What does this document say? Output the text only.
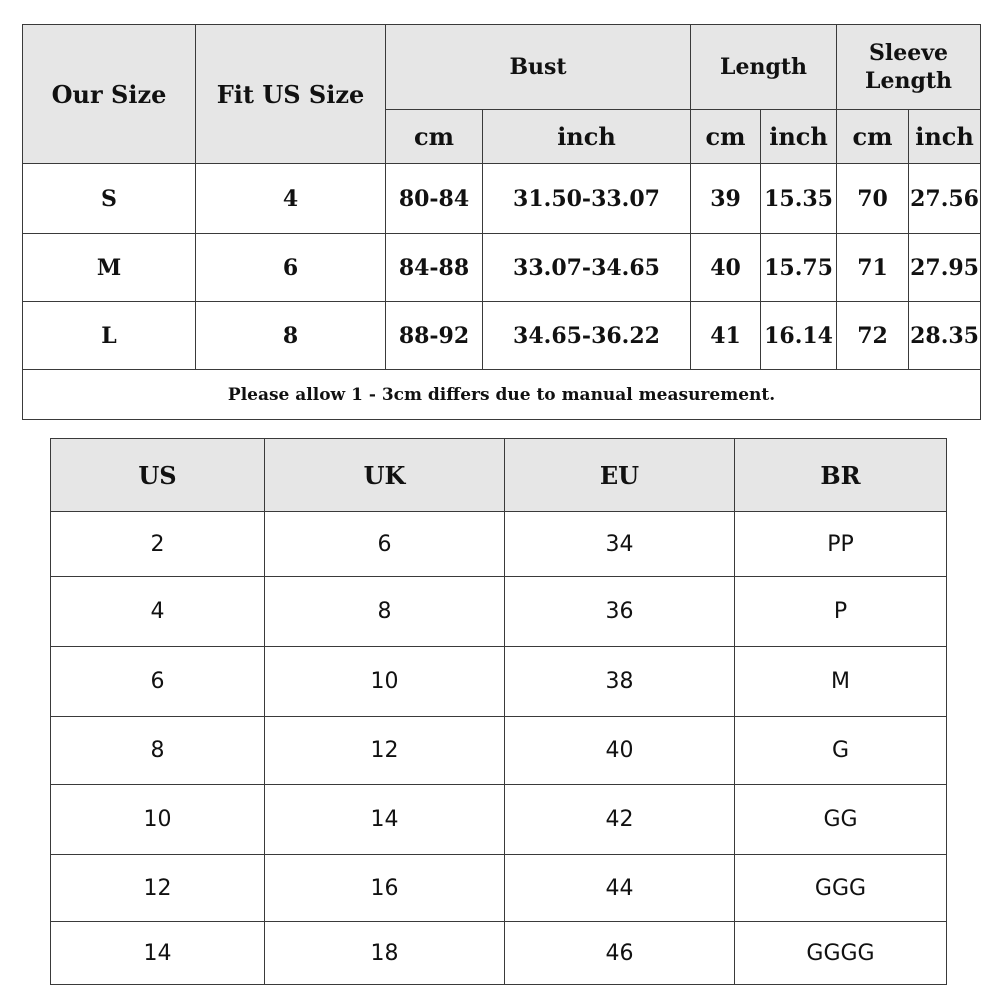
Our Size	Fit US Size	Bust		Length		Sleeve
Length	

		cm	inch	cm	inch	cm	inch
S	4	80-84	31.50-33.07	39	15.35	70	27.56
M	6	84-88	33.07-34.65	40	15.75	71	27.95
L	8	88-92	34.65-36.22	41	16.14	72	28.35
Please allow 1 - 3cm differs due to manual measurement.							
US	UK	EU	BR
2	6	34	PP
4	8	36	P
6	10	38	M
8	12	40	G
10	14	42	GG
12	16	44	GGG
14	18	46	GGGG
